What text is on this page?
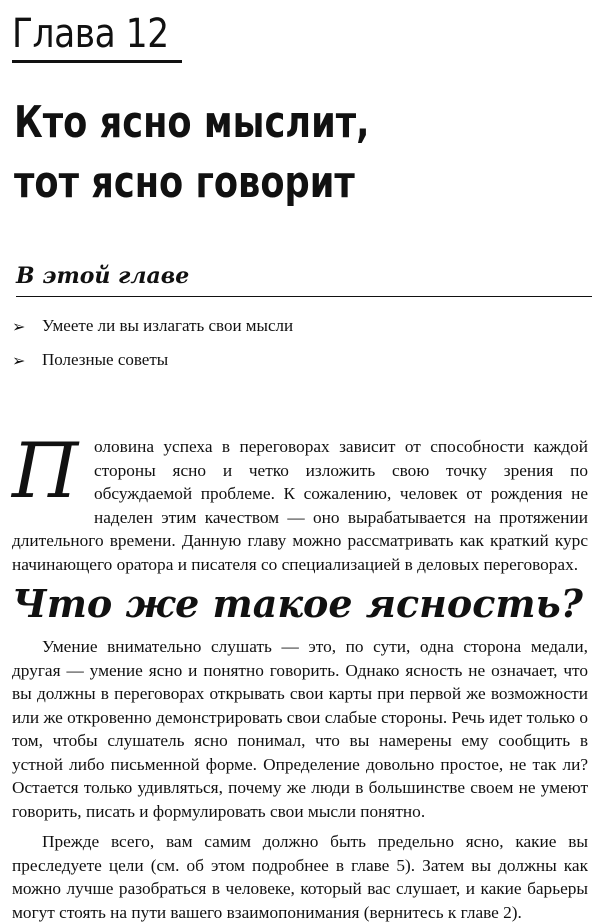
Глава 12
Кто ясно мыслит,
тот ясно говорит
В этой главе
➢ Умеете ли вы излагать свои мысли
➢ Полезные советы
Половина успеха в переговорах зависит от способности каждой стороны ясно и четко изложить свою точку зрения по обсуждаемой проблеме. К сожалению, человек от рождения не наделен этим качеством — оно вырабатывается на протяжении длительного времени. Данную главу можно рассматривать как краткий курс начинающего оратора и писателя со специализацией в деловых переговорах.
Что же такое ясность?
Умение внимательно слушать — это, по сути, одна сторона медали, другая — умение ясно и понятно говорить. Однако ясность не означает, что вы должны в переговорах открывать свои карты при первой же возможности или же откровенно демонстрировать свои слабые стороны. Речь идет только о том, чтобы слушатель ясно понимал, что вы намерены ему сообщить в устной либо письменной форме. Определение довольно простое, не так ли? Остается только удивляться, почему же люди в большинстве своем не умеют говорить, писать и формулировать свои мысли понятно.
Прежде всего, вам самим должно быть предельно ясно, какие вы преследуете цели (см. об этом подробнее в главе 5). Затем вы должны как можно лучше разобраться в человеке, который вас слушает, и какие барьеры могут стоять на пути вашего взаимопонимания (вернитесь к главе 2).
